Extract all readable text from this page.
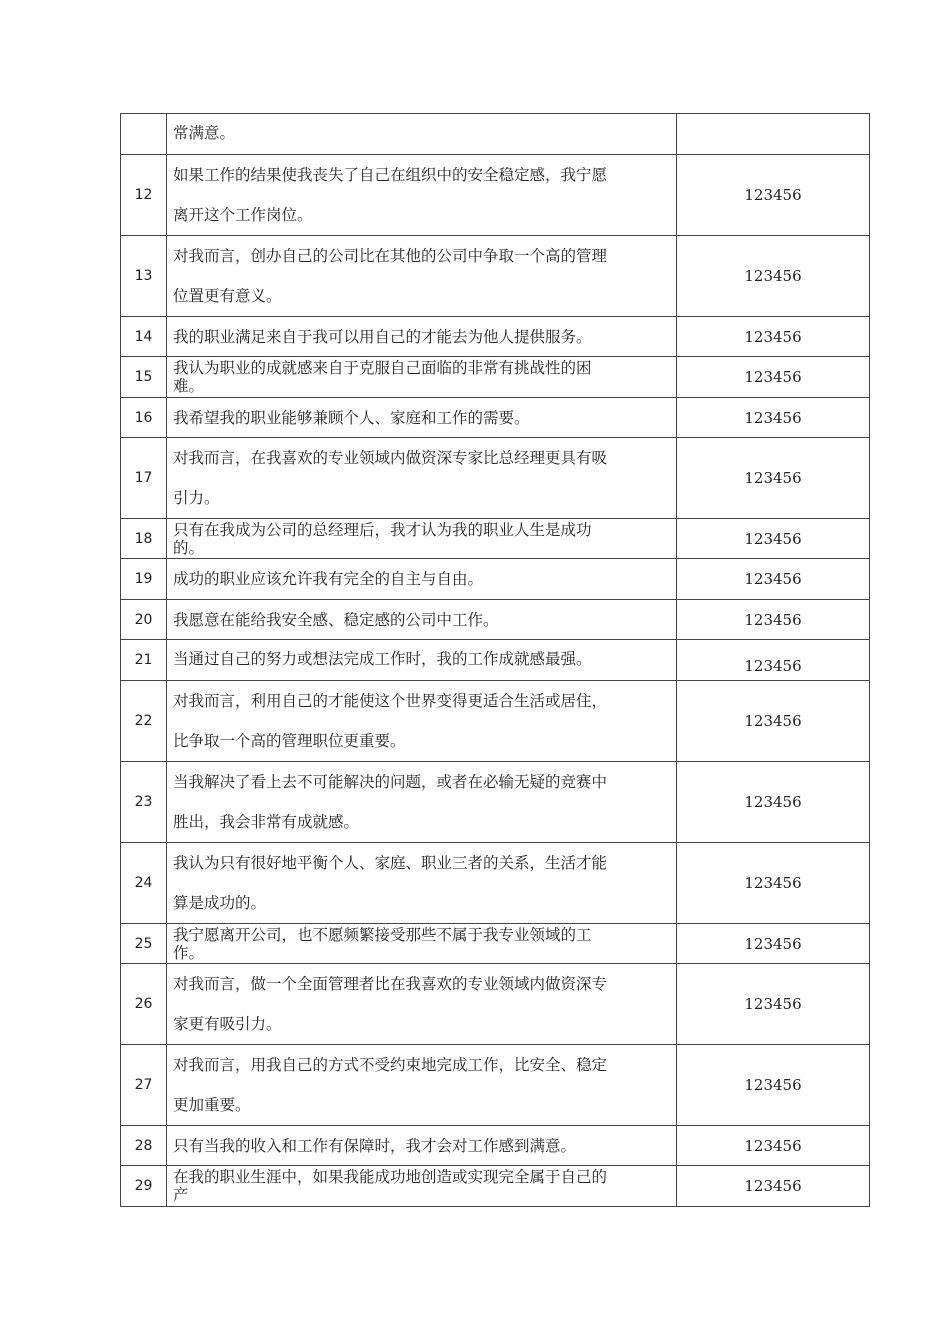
	常满意。	

12	如果工作的结果使我丧失了自己在组织中的安全稳定感，我宁愿
离开这个工作岗位。	123456
13	对我而言，创办自己的公司比在其他的公司中争取一个高的管理
位置更有意义。	123456
14	我的职业满足来自于我可以用自己的才能去为他人提供服务。	123456
15	我认为职业的成就感来自于克服自己面临的非常有挑战性的困
难。	123456
16	我希望我的职业能够兼顾个人、家庭和工作的需要。	123456
17	对我而言，在我喜欢的专业领域内做资深专家比总经理更具有吸
引力。	123456
18	只有在我成为公司的总经理后，我才认为我的职业人生是成功
的。	123456
19	成功的职业应该允许我有完全的自主与自由。	123456
20	我愿意在能给我安全感、稳定感的公司中工作。	123456
21	当通过自己的努力或想法完成工作时，我的工作成就感最强。	123456
22	对我而言，利用自己的才能使这个世界变得更适合生活或居住，
比争取一个高的管理职位更重要。	123456
23	当我解决了看上去不可能解决的问题，或者在必输无疑的竞赛中
胜出，我会非常有成就感。	123456
24	我认为只有很好地平衡个人、家庭、职业三者的关系，生活才能
算是成功的。	123456
25	我宁愿离开公司，也不愿频繁接受那些不属于我专业领域的工
作。	123456
26	对我而言，做一个全面管理者比在我喜欢的专业领域内做资深专
家更有吸引力。	123456
27	对我而言，用我自己的方式不受约束地完成工作，比安全、稳定
更加重要。	123456
28	只有当我的收入和工作有保障时，我才会对工作感到满意。	123456
29	在我的职业生涯中，如果我能成功地创造或实现完全属于自己的
产	123456
